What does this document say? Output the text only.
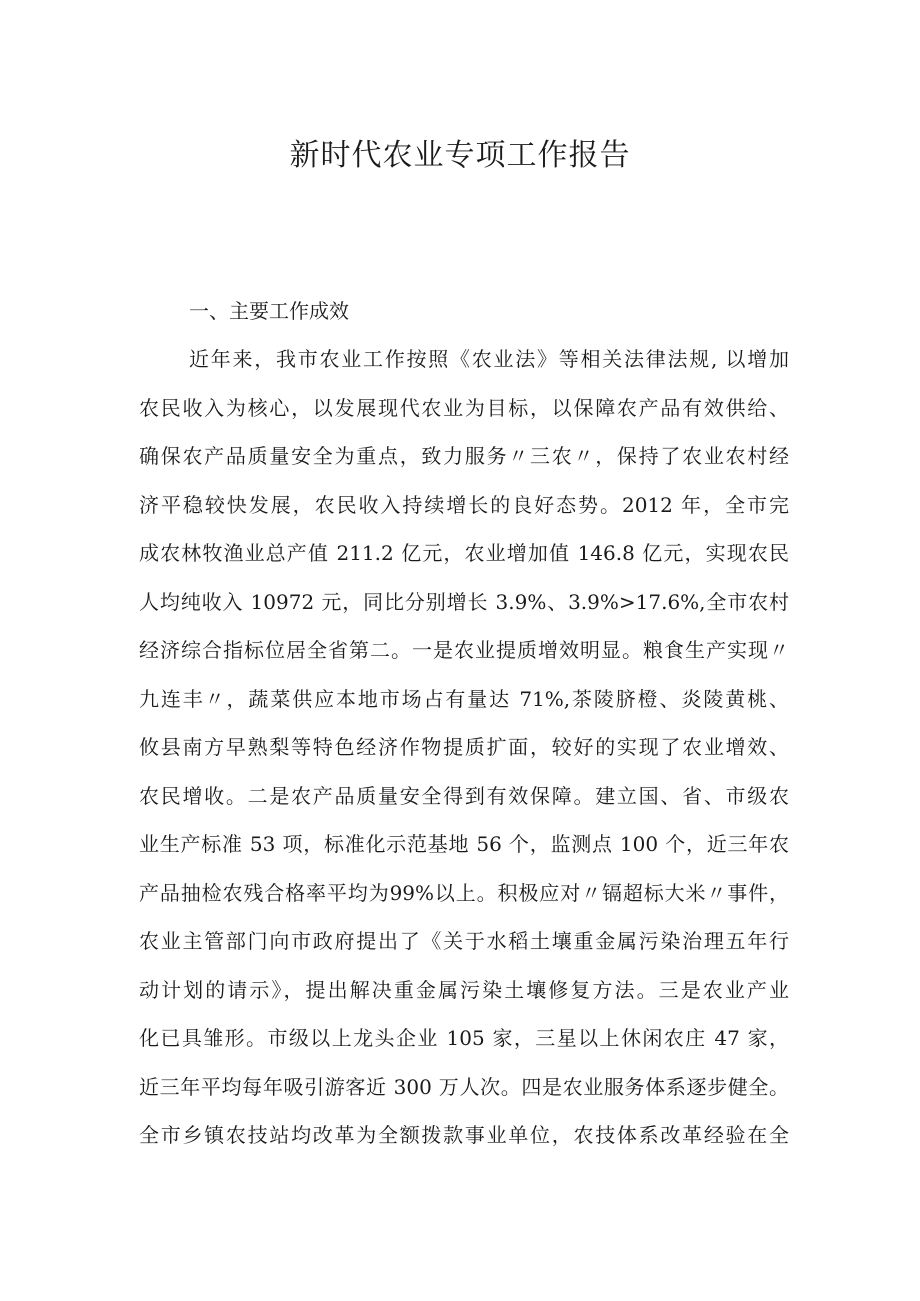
新时代农业专项工作报告
一、主要工作成效

近年来，我市农业工作按照《农业法》等相关法律法规, 以增加

农民收入为核心，以发展现代农业为目标，以保障农产品有效供给、

确保农产品质量安全为重点，致力服务〃三农〃，保持了农业农村经

济平稳较快发展，农民收入持续增长的良好态势。2012 年，全市完

成农林牧渔业总产值 211.2 亿元，农业增加值 146.8 亿元，实现农民

人均纯收入 10972 元，同比分别增长 3.9%、3.9%>17.6%,全市农村

经济综合指标位居全省第二。一是农业提质增效明显。粮食生产实现〃

九连丰〃，蔬菜供应本地市场占有量达 71%,茶陵脐橙、炎陵黄桃、

攸县南方早熟梨等特色经济作物提质扩面，较好的实现了农业增效、

农民增收。二是农产品质量安全得到有效保障。建立国、省、市级农

业生产标准 53 项，标准化示范基地 56 个，监测点 100 个，近三年农

产品抽检农残合格率平均为99%以上。积极应对〃镉超标大米〃事件，

农业主管部门向市政府提出了《关于水稻土壤重金属污染治理五年行

动计划的请示》，提出解决重金属污染土壤修复方法。三是农业产业

化已具雏形。市级以上龙头企业 105 家，三星以上休闲农庄 47 家，

近三年平均每年吸引游客近 300 万人次。四是农业服务体系逐步健全。

全市乡镇农技站均改革为全额拨款事业单位，农技体系改革经验在全
